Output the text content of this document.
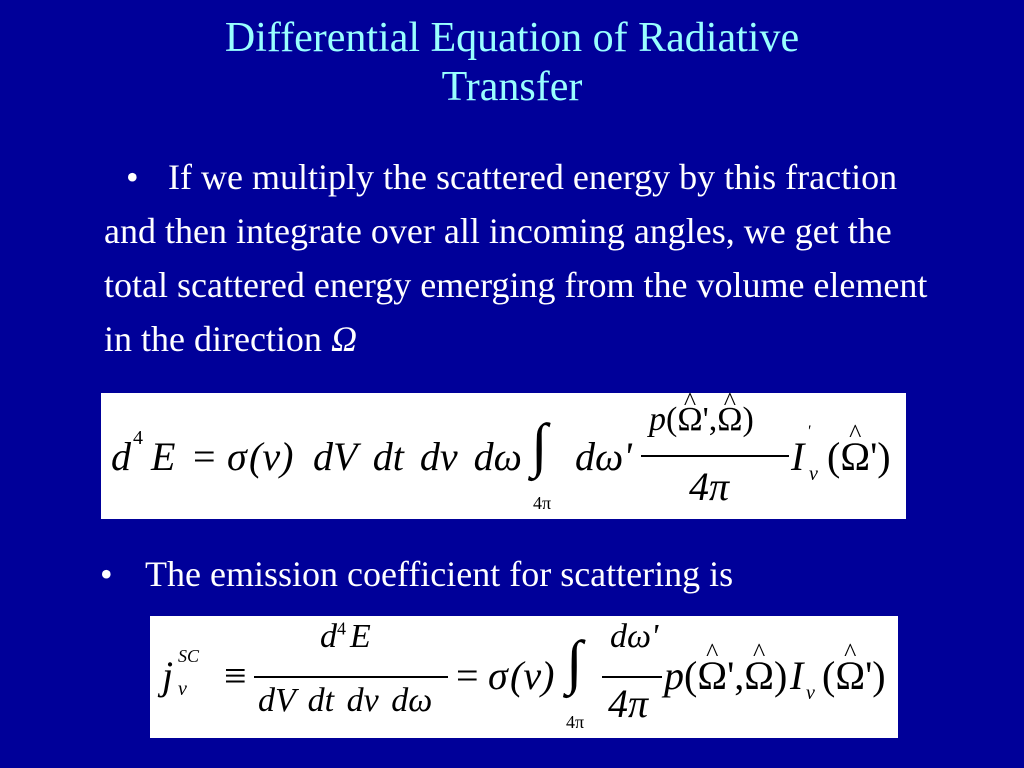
Differential Equation of Radiative
Transfer
• If we multiply the scattered energy by this fraction and then integrate over all incoming angles, we get the total scattered energy emerging from the volume element in the direction Ω
d 4 E = σ (ν) dV dt dν dω ∫
4π
dω'
p(^ Ω',^ Ω)
4π
I
'
ν (^ Ω')
• The emission coefficient for scattering is
j SC
ν ≡
$d^4$ E
dV dt dν dω
= σ (ν) ∫
4π
dω'
4π
p(^ Ω',^ Ω) I ν (^ Ω')
